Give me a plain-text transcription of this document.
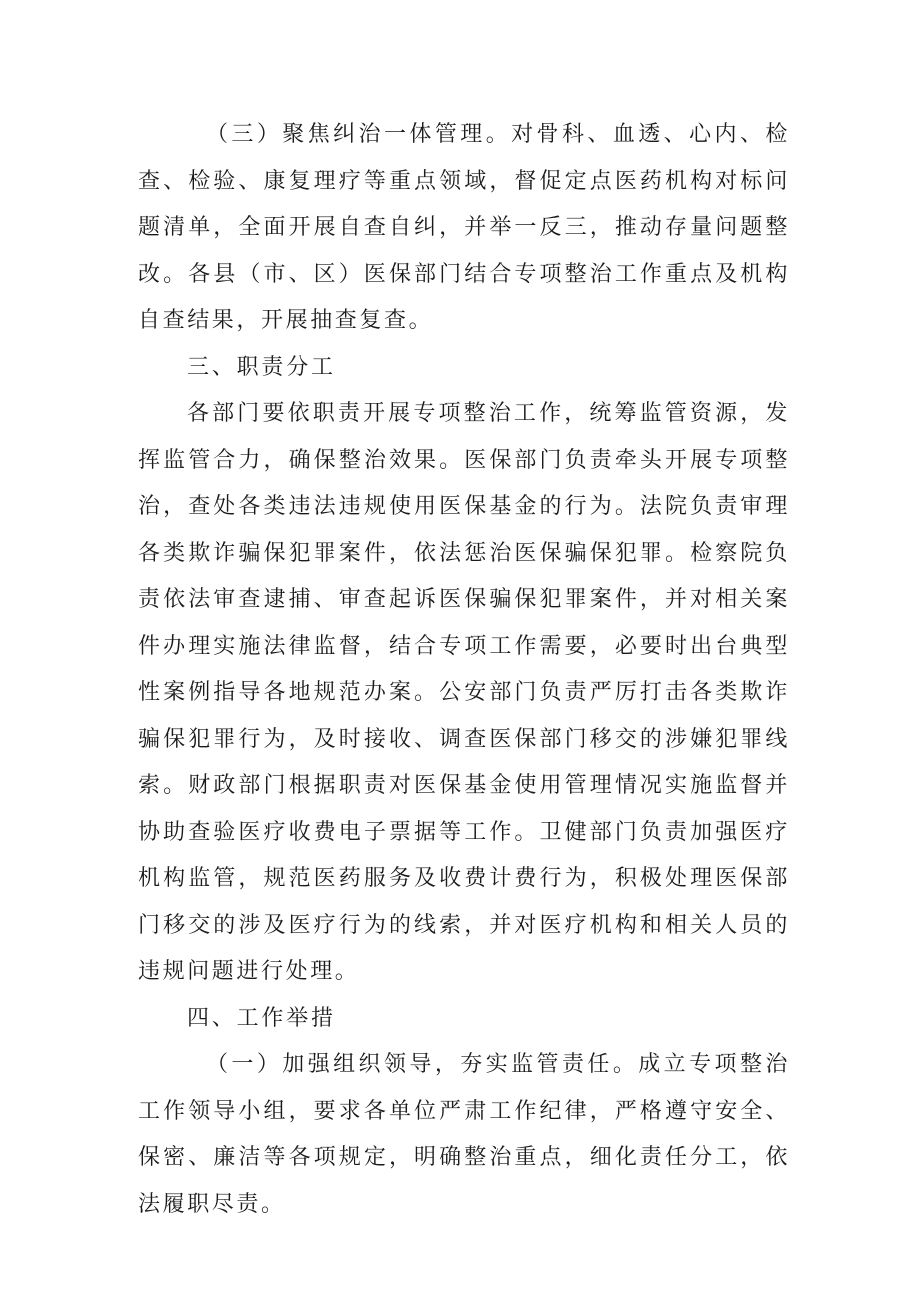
（三）聚焦纠治一体管理。对骨科、血透、心内、检查、检验、康复理疗等重点领域，督促定点医药机构对标问题清单，全面开展自查自纠，并举一反三，推动存量问题整改。各县（市、区）医保部门结合专项整治工作重点及机构自查结果，开展抽查复查。

三、职责分工

各部门要依职责开展专项整治工作，统筹监管资源，发挥监管合力，确保整治效果。医保部门负责牵头开展专项整治，查处各类违法违规使用医保基金的行为。法院负责审理各类欺诈骗保犯罪案件，依法惩治医保骗保犯罪。检察院负责依法审查逮捕、审查起诉医保骗保犯罪案件，并对相关案件办理实施法律监督，结合专项工作需要，必要时出台典型性案例指导各地规范办案。公安部门负责严厉打击各类欺诈骗保犯罪行为，及时接收、调查医保部门移交的涉嫌犯罪线索。财政部门根据职责对医保基金使用管理情况实施监督并协助查验医疗收费电子票据等工作。卫健部门负责加强医疗机构监管，规范医药服务及收费计费行为，积极处理医保部门移交的涉及医疗行为的线索，并对医疗机构和相关人员的违规问题进行处理。

四、工作举措

（一）加强组织领导，夯实监管责任。成立专项整治工作领导小组，要求各单位严肃工作纪律，严格遵守安全、保密、廉洁等各项规定，明确整治重点，细化责任分工，依法履职尽责。
